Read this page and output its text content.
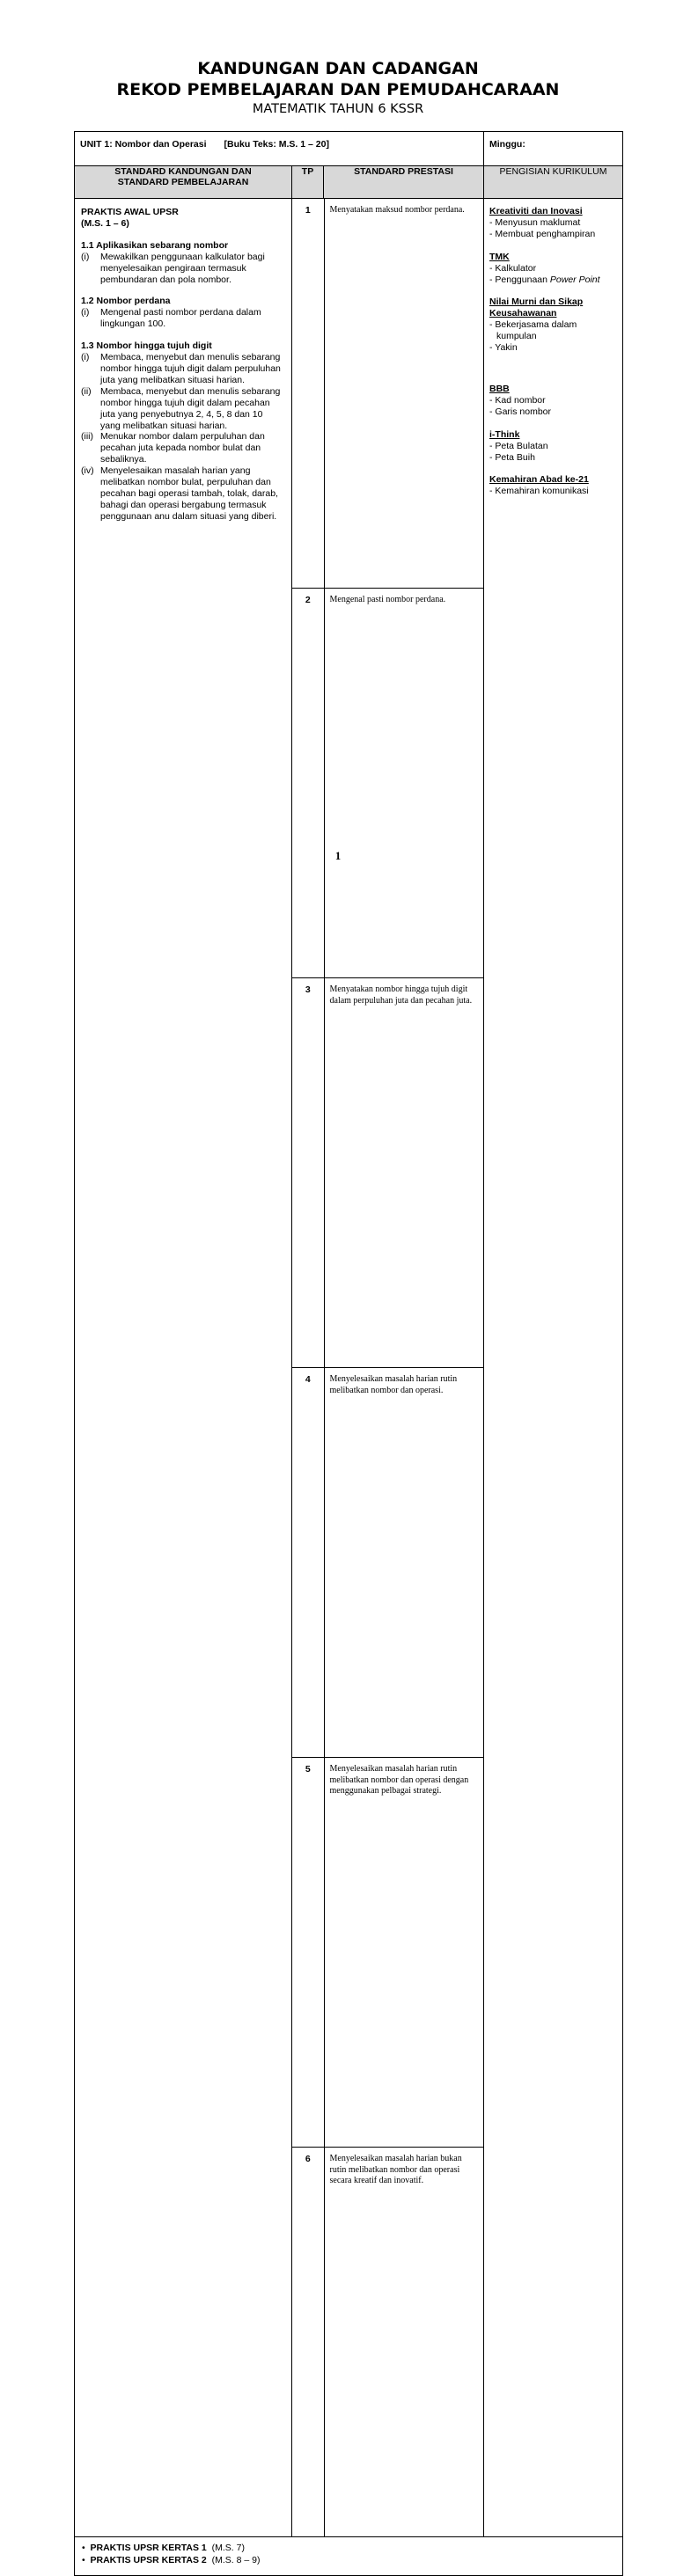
KANDUNGAN DAN CADANGAN
REKOD PEMBELAJARAN DAN PEMUDAHCARAAN
MATEMATIK TAHUN 6 KSSR
UNIT 1: Nombor dan Operasi [Buku Teks: M.S. 1 – 20]	Minggu:

STANDARD KANDUNGAN DAN
STANDARD PEMBELAJARAN
	TP	STANDARD PRESTASI	PENGISIAN KURIKULUM

PRAKTIS AWAL UPSR
(M.S. 1 – 6)
1.1 Aplikasikan sebarang nombor
(i)	Mewakilkan penggunaan kalkulator bagi menyelesaikan pengiraan termasuk pembundaran dan pola nombor.
1.2 Nombor perdana
(i)	Mengenal pasti nombor perdana dalam lingkungan 100.
1.3 Nombor hingga tujuh digit
(i)	Membaca, menyebut dan menulis sebarang nombor hingga tujuh digit dalam perpuluhan juta yang melibatkan situasi harian.
(ii) Membaca, menyebut dan menulis sebarang nombor hingga tujuh digit dalam pecahan juta yang penyebutnya 2, 4, 5, 8 dan 10 yang melibatkan situasi harian.
(iii) Menukar nombor dalam perpuluhan dan pecahan juta kepada nombor bulat dan sebaliknya.
(iv) Menyelesaikan masalah harian yang melibatkan nombor bulat, perpuluhan dan pecahan bagi operasi tambah, tolak, darab, bahagi dan operasi bergabung termasuk penggunaan anu dalam situasi yang diberi.

1	Menyatakan maksud nombor perdana.
2	Mengenal pasti nombor perdana.
3	Menyatakan nombor hingga tujuh digit dalam perpuluhan juta dan pecahan juta.
4	Menyelesaikan masalah harian rutin melibatkan nombor dan operasi.
5	Menyelesaikan masalah harian rutin melibatkan nombor dan operasi dengan menggunakan pelbagai strategi.
6	Menyelesaikan masalah harian bukan rutin melibatkan nombor dan operasi secara kreatif dan inovatif.

Kreativiti dan Inovasi
- Menyusun maklumat
- Membuat penghampiran
TMK
- Kalkulator
- Penggunaan Power Point
Nilai Murni dan Sikap
Keusahawanan
- Bekerjasama dalam
kumpulan
- Yakin
BBB
- Kad nombor
- Garis nombor
i-Think
- Peta Bulatan
- Peta Buih
Kemahiran Abad ke-21
- Kemahiran komunikasi

•  PRAKTIS UPSR KERTAS 1 (M.S. 7)
•  PRAKTIS UPSR KERTAS 2 (M.S. 8 – 9)
1
